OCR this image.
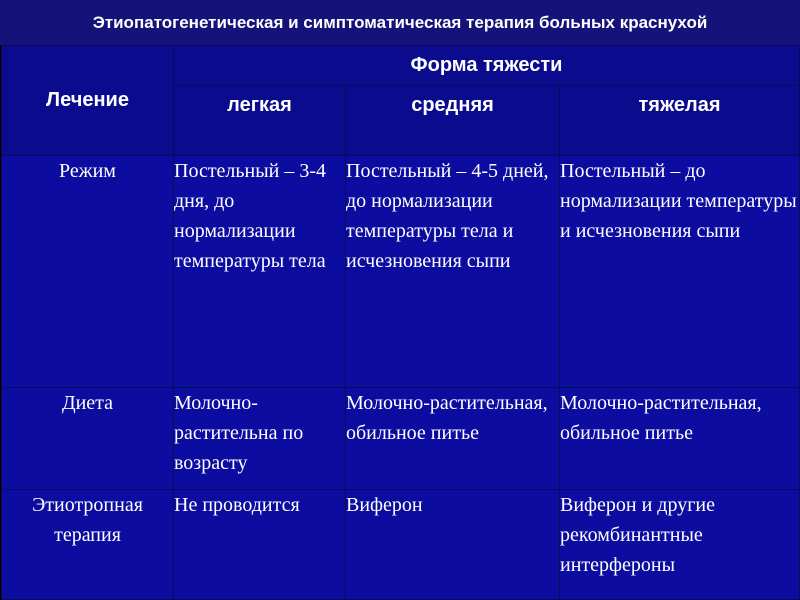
Этиопатогенетическая и симптоматическая терапия больных краснухой
Лечение	Форма тяжести		
	легкая	средняя	тяжелая
Режим	Постельный – 3-4 дня, до нормализации температуры тела	Постельный – 4-5 дней, до нормализации температуры тела и исчезновения сыпи	Постельный – до нормализации температуры и исчезновения сыпи
Диета	Молочно-растительна по возрасту	Молочно-растительная, обильное питье	Молочно-растительная, обильное питье
Этиотропная терапия	Не проводится	Виферон	Виферон и другие рекомбинантные интерфероны
